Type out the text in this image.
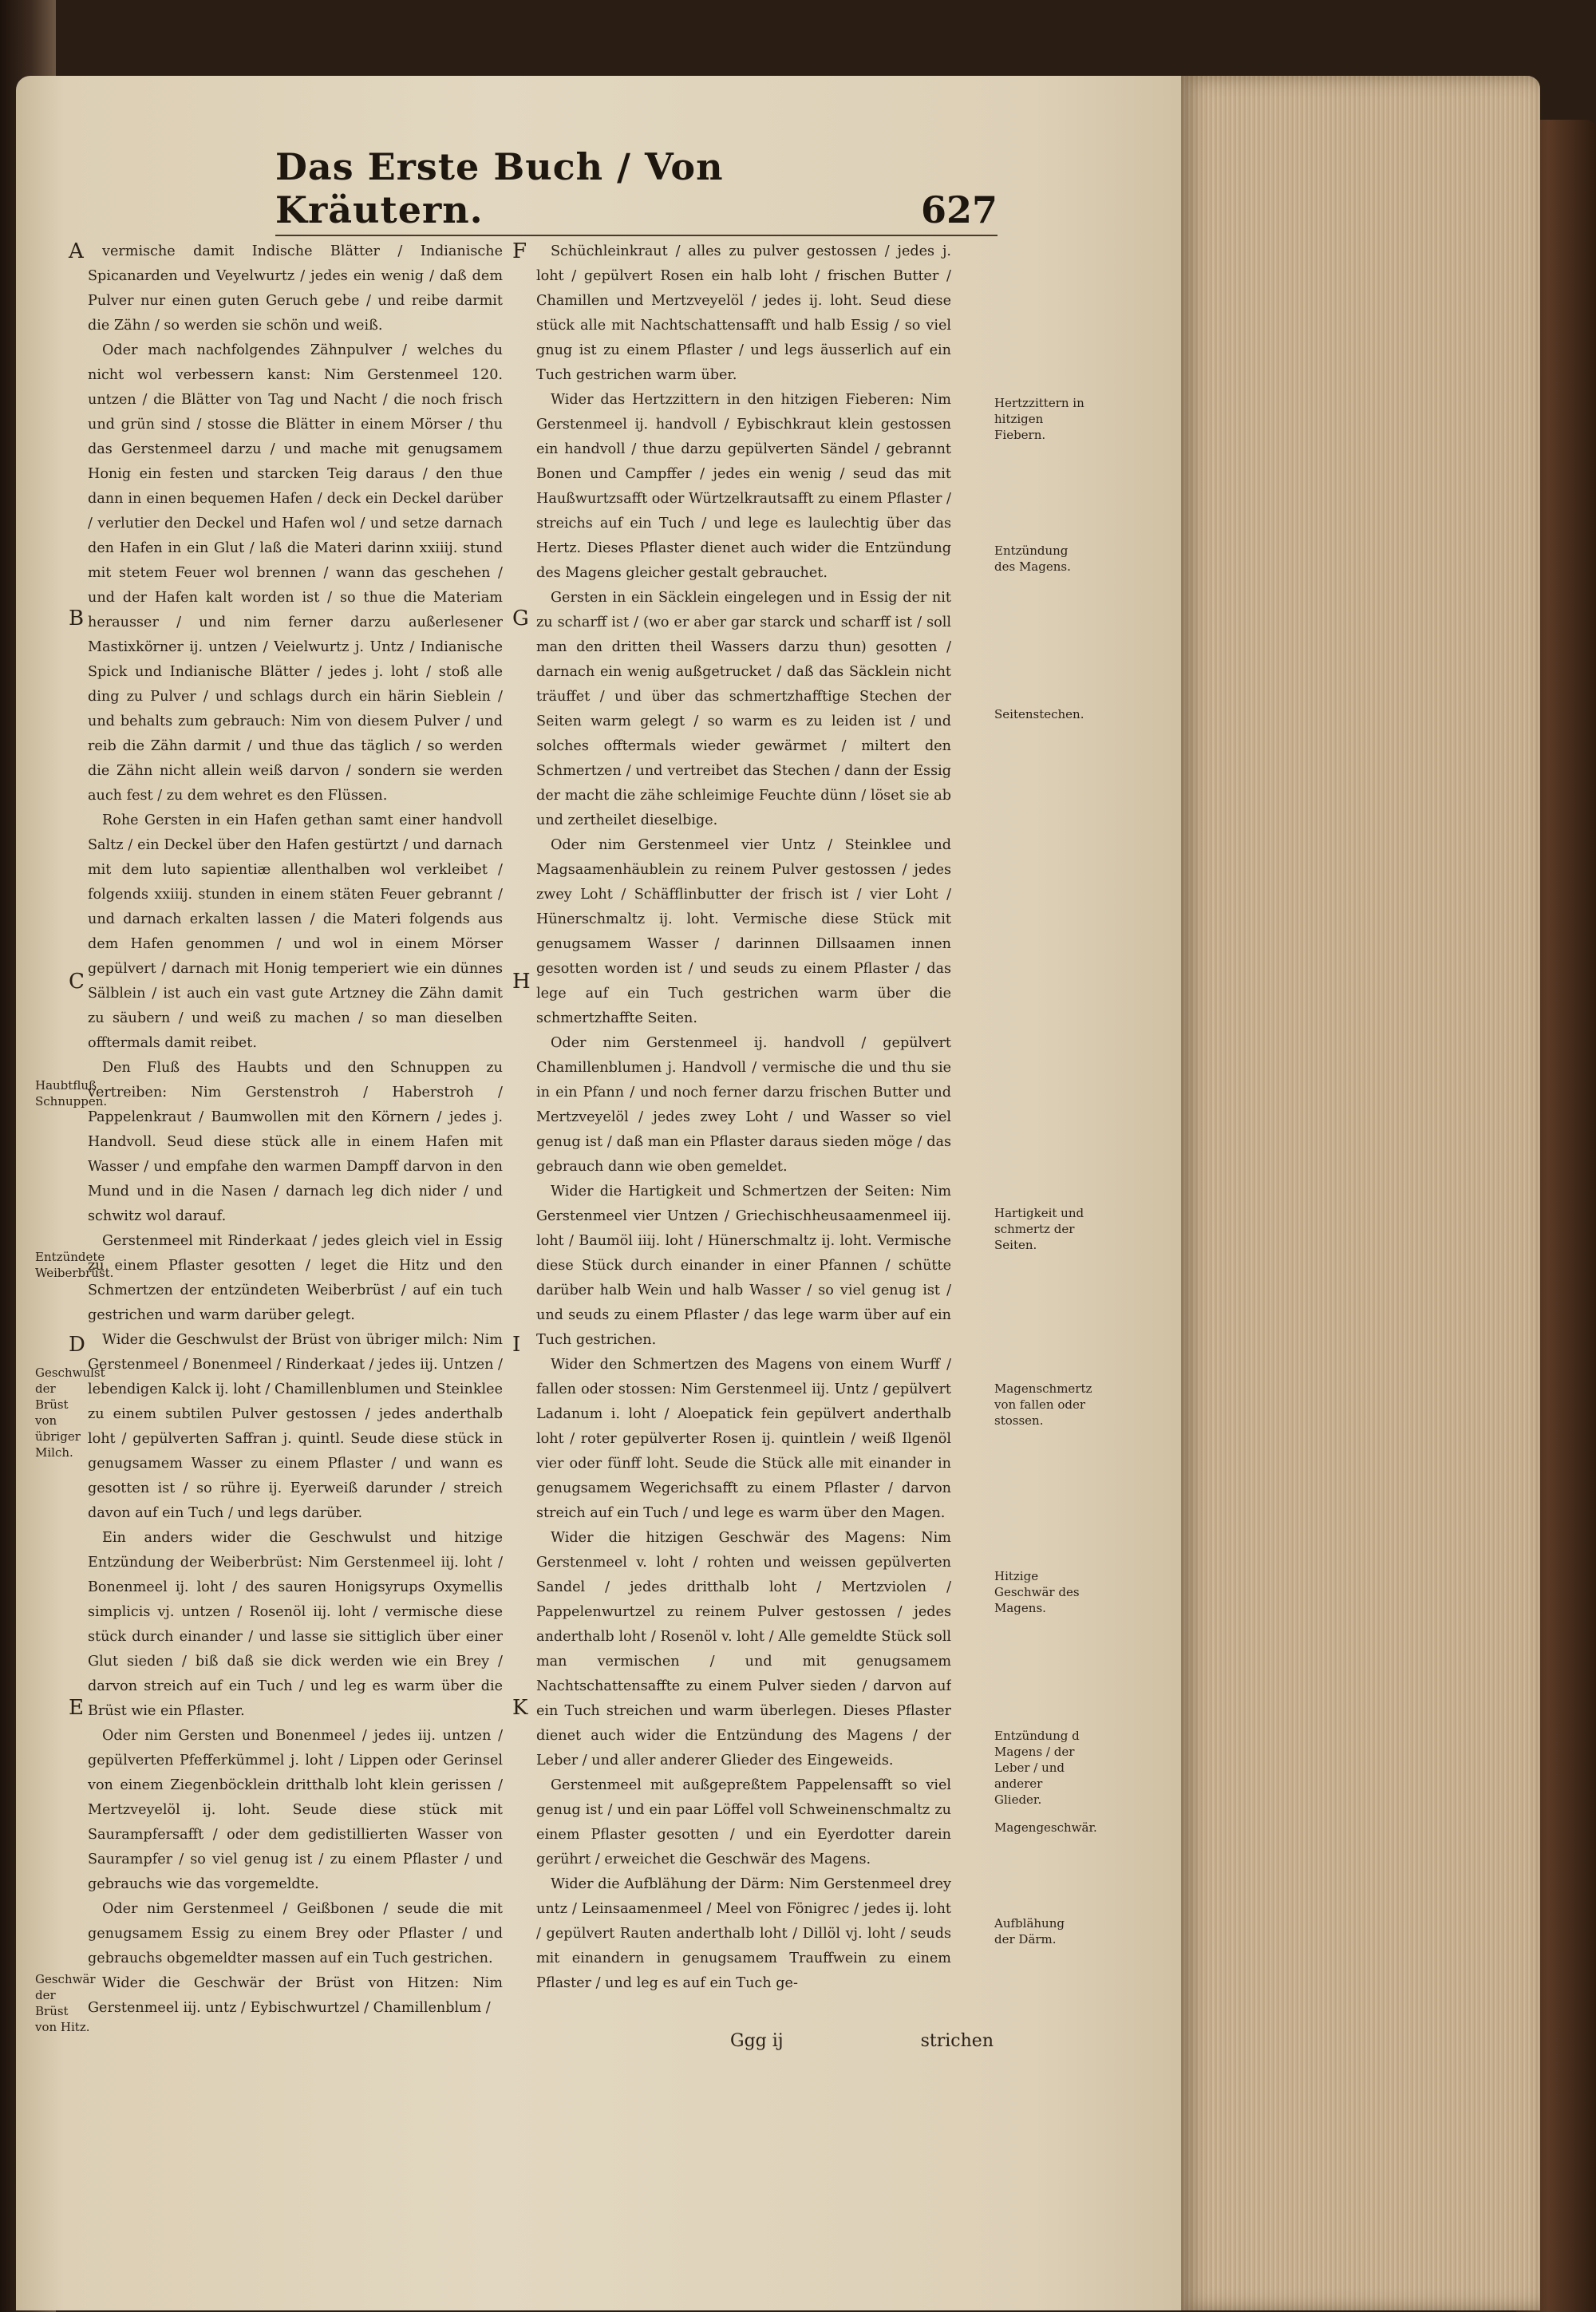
Das Erste Buch / Von Kräutern.	627
A
B
C
D
E
F
G
H
I
K

vermische damit Indische Blätter / Indianische Spicanarden und Veyelwurtz / jedes ein wenig / daß dem Pulver nur einen guten Geruch gebe / und reibe darmit die Zähn / so werden sie schön und weiß.

Oder mach nachfolgendes Zähnpulver / welches du nicht wol verbessern kanst: Nim Gerstenmeel 120. untzen / die Blätter von Tag und Nacht / die noch frisch und grün sind / stosse die Blätter in einem Mörser / thu das Gerstenmeel darzu / und mache mit genugsamem Honig ein festen und starcken Teig daraus / den thue dann in einen bequemen Hafen / deck ein Deckel darüber / verlutier den Deckel und Hafen wol / und setze darnach den Hafen in ein Glut / laß die Materi darinn xxiiij. stund mit stetem Feuer wol brennen / wann das geschehen / und der Hafen kalt worden ist / so thue die Materiam herausser / und nim ferner darzu außerlesener Mastixkörner ij. untzen / Veielwurtz j. Untz / Indianische Spick und Indianische Blätter / jedes j. loht / stoß alle ding zu Pulver / und schlags durch ein härin Sieblein / und behalts zum gebrauch: Nim von diesem Pulver / und reib die Zähn darmit / und thue das täglich / so werden die Zähn nicht allein weiß darvon / sondern sie werden auch fest / zu dem wehret es den Flüssen.

Rohe Gersten in ein Hafen gethan samt einer handvoll Saltz / ein Deckel über den Hafen gestürtzt / und darnach mit dem luto sapientiæ allenthalben wol verkleibet / folgends xxiiij. stunden in einem stäten Feuer gebrannt / und darnach erkalten lassen / die Materi folgends aus dem Hafen genommen / und wol in einem Mörser gepülvert / darnach mit Honig temperiert wie ein dünnes Sälblein / ist auch ein vast gute Artzney die Zähn damit zu säubern / und weiß zu machen / so man dieselben offtermals damit reibet.

Den Fluß des Haubts und den Schnuppen zu vertreiben: Nim Gerstenstroh / Haberstroh / Pappelenkraut / Baumwollen mit den Körnern / jedes j. Handvoll. Seud diese stück alle in einem Hafen mit Wasser / und empfahe den warmen Dampff darvon in den Mund und in die Nasen / darnach leg dich nider / und schwitz wol darauf.

Gerstenmeel mit Rinderkaat / jedes gleich viel in Essig zu einem Pflaster gesotten / leget die Hitz und den Schmertzen der entzündeten Weiberbrüst / auf ein tuch gestrichen und warm darüber gelegt.

Wider die Geschwulst der Brüst von übriger milch: Nim Gerstenmeel / Bonenmeel / Rinderkaat / jedes iij. Untzen / lebendigen Kalck ij. loht / Chamillenblumen und Steinklee zu einem subtilen Pulver gestossen / jedes anderthalb loht / gepülverten Saffran j. quintl. Seude diese stück in genugsamem Wasser zu einem Pflaster / und wann es gesotten ist / so rühre ij. Eyerweiß darunder / streich davon auf ein Tuch / und legs darüber.

Ein anders wider die Geschwulst und hitzige Entzündung der Weiberbrüst: Nim Gerstenmeel iij. loht / Bonenmeel ij. loht / des sauren Honigsyrups Oxymellis simplicis vj. untzen / Rosenöl iij. loht / vermische diese stück durch einander / und lasse sie sittiglich über einer Glut sieden / biß daß sie dick werden wie ein Brey / darvon streich auf ein Tuch / und leg es warm über die Brüst wie ein Pflaster.

Oder nim Gersten und Bonenmeel / jedes iij. untzen / gepülverten Pfefferkümmel j. loht / Lippen oder Gerinsel von einem Ziegenböcklein dritthalb loht klein gerissen / Mertzveyelöl ij. loht. Seude diese stück mit Saurampfersafft / oder dem gedistillierten Wasser von Saurampfer / so viel genug ist / zu einem Pflaster / und gebrauchs wie das vorgemeldte.

Oder nim Gerstenmeel / Geißbonen / seude die mit genugsamem Essig zu einem Brey oder Pflaster / und gebrauchs obgemeldter massen auf ein Tuch gestrichen.

Wider die Geschwär der Brüst von Hitzen: Nim Gerstenmeel iij. untz / Eybischwurtzel / Chamillenblum /

Schüchleinkraut / alles zu pulver gestossen / jedes j. loht / gepülvert Rosen ein halb loht / frischen Butter / Chamillen und Mertzveyelöl / jedes ij. loht. Seud diese stück alle mit Nachtschattensafft und halb Essig / so viel gnug ist zu einem Pflaster / und legs äusserlich auf ein Tuch gestrichen warm über.

Wider das Hertzzittern in den hitzigen Fieberen: Nim Gerstenmeel ij. handvoll / Eybischkraut klein gestossen ein handvoll / thue darzu gepülverten Sändel / gebrannt Bonen und Campffer / jedes ein wenig / seud das mit Haußwurtzsafft oder Würtzelkrautsafft zu einem Pflaster / streichs auf ein Tuch / und lege es laulechtig über das Hertz. Dieses Pflaster dienet auch wider die Entzündung des Magens gleicher gestalt gebrauchet.

Gersten in ein Säcklein eingelegen und in Essig der nit zu scharff ist / (wo er aber gar starck und scharff ist / soll man den dritten theil Wassers darzu thun) gesotten / darnach ein wenig außgetrucket / daß das Säcklein nicht träuffet / und über das schmertzhafftige Stechen der Seiten warm gelegt / so warm es zu leiden ist / und solches offtermals wieder gewärmet / miltert den Schmertzen / und vertreibet das Stechen / dann der Essig der macht die zähe schleimige Feuchte dünn / löset sie ab und zertheilet dieselbige.

Oder nim Gerstenmeel vier Untz / Steinklee und Magsaamenhäublein zu reinem Pulver gestossen / jedes zwey Loht / Schäfflinbutter der frisch ist / vier Loht / Hünerschmaltz ij. loht. Vermische diese Stück mit genugsamem Wasser / darinnen Dillsaamen innen gesotten worden ist / und seuds zu einem Pflaster / das lege auf ein Tuch gestrichen warm über die schmertzhaffte Seiten.

Oder nim Gerstenmeel ij. handvoll / gepülvert Chamillenblumen j. Handvoll / vermische die und thu sie in ein Pfann / und noch ferner darzu frischen Butter und Mertzveyelöl / jedes zwey Loht / und Wasser so viel genug ist / daß man ein Pflaster daraus sieden möge / das gebrauch dann wie oben gemeldet.

Wider die Hartigkeit und Schmertzen der Seiten: Nim Gerstenmeel vier Untzen / Griechischheusaamenmeel iij. loht / Baumöl iiij. loht / Hünerschmaltz ij. loht. Vermische diese Stück durch einander in einer Pfannen / schütte darüber halb Wein und halb Wasser / so viel genug ist / und seuds zu einem Pflaster / das lege warm über auf ein Tuch gestrichen.

Wider den Schmertzen des Magens von einem Wurff / fallen oder stossen: Nim Gerstenmeel iij. Untz / gepülvert Ladanum i. loht / Aloepatick fein gepülvert anderthalb loht / roter gepülverter Rosen ij. quintlein / weiß Ilgenöl vier oder fünff loht. Seude die Stück alle mit einander in genugsamem Wegerichsafft zu einem Pflaster / darvon streich auf ein Tuch / und lege es warm über den Magen.

Wider die hitzigen Geschwär des Magens: Nim Gerstenmeel v. loht / rohten und weissen gepülverten Sandel / jedes dritthalb loht / Mertzviolen / Pappelenwurtzel zu reinem Pulver gestossen / jedes anderthalb loht / Rosenöl v. loht / Alle gemeldte Stück soll man vermischen / und mit genugsamem Nachtschattensaffte zu einem Pulver sieden / darvon auf ein Tuch streichen und warm überlegen. Dieses Pflaster dienet auch wider die Entzündung des Magens / der Leber / und aller anderer Glieder des Eingeweids.

Gerstenmeel mit außgepreßtem Pappelensafft so viel genug ist / und ein paar Löffel voll Schweinenschmaltz zu einem Pflaster gesotten / und ein Eyerdotter darein gerührt / erweichet die Geschwär des Magens.

Wider die Aufblähung der Därm: Nim Gerstenmeel drey untz / Leinsaamenmeel / Meel von Fönigrec / jedes ij. loht / gepülvert Rauten anderthalb loht / Dillöl vj. loht / seuds mit einandern in genugsamem Trauffwein zu einem Pflaster / und leg es auf ein Tuch ge-

Haubtfluß Schnuppen.
Entzündete Weiberbrüst.
Geschwulst der Brüst von übriger Milch.
Geschwär der Brüst von Hitz.
Hertzzittern in hitzigen Fiebern.
Entzündung des Magens.
Seitenstechen.
Hartigkeit und schmertz der Seiten.
Magenschmertz von fallen oder stossen.
Hitzige Geschwär des Magens.
Entzündung d Magens / der Leber / und anderer Glieder.
Magengeschwär.
Aufblähung der Därm.
Ggg ij	strichen
